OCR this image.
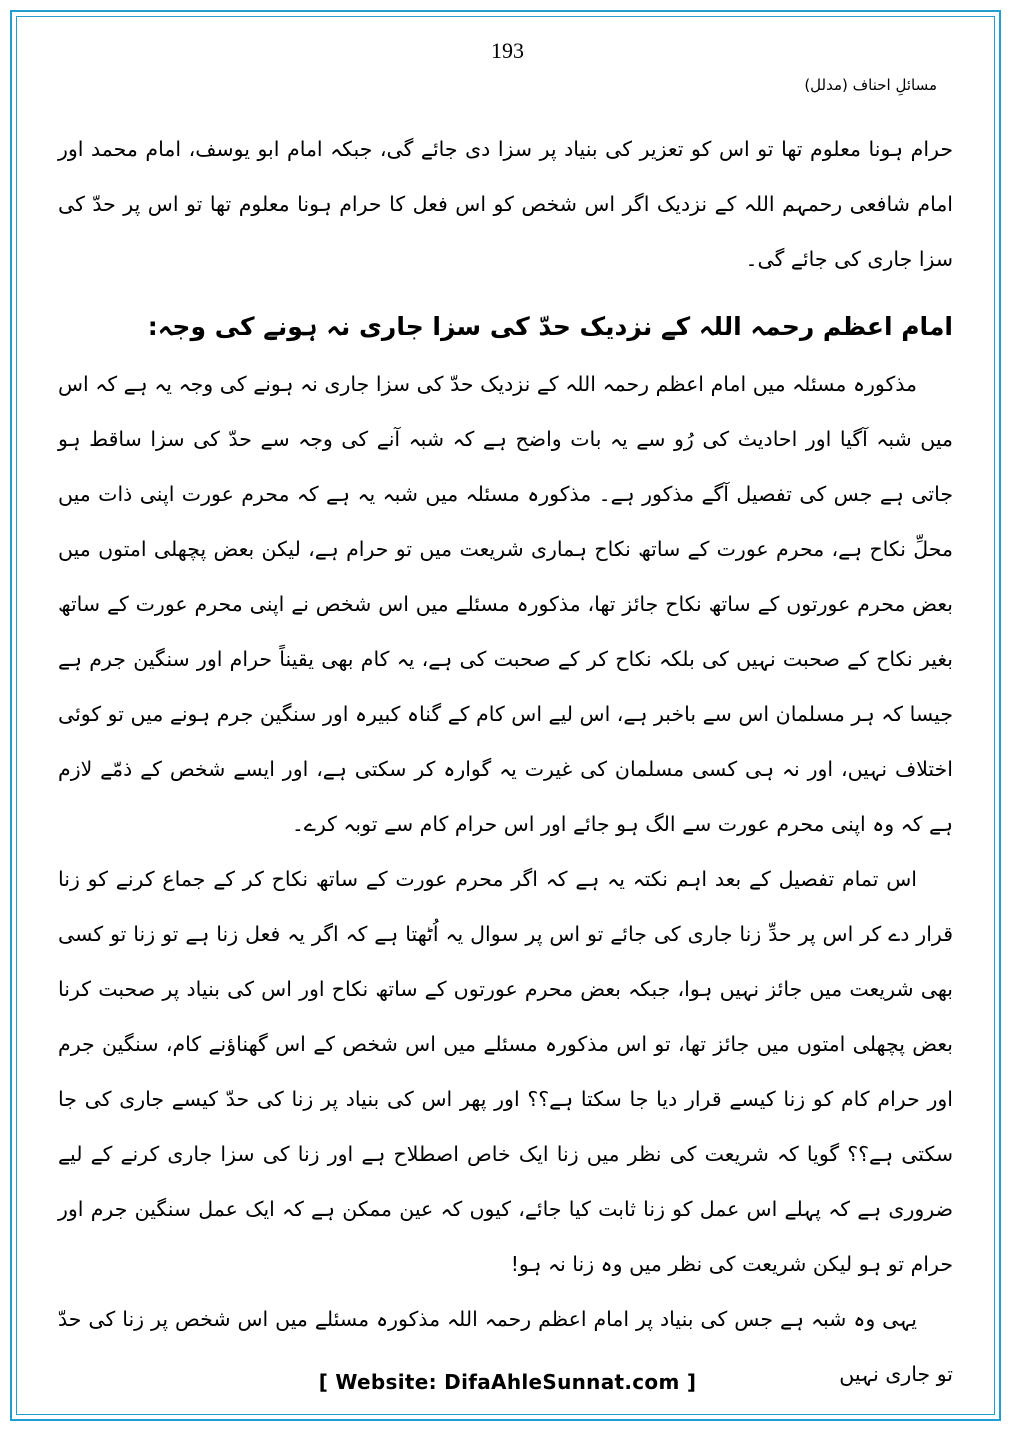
193
مسائلِ احناف (مدلل)

حرام ہونا معلوم تھا تو اس کو تعزیر کی بنیاد پر سزا دی جائے گی، جبکہ امام ابو یوسف، امام محمد اور امام شافعی رحمہم اللہ کے نزدیک اگر اس شخص کو اس فعل کا حرام ہونا معلوم تھا تو اس پر حدّ کی سزا جاری کی جائے گی۔

امام اعظم رحمہ اللہ کے نزدیک حدّ کی سزا جاری نہ ہونے کی وجہ:

مذکورہ مسئلہ میں امام اعظم رحمہ اللہ کے نزدیک حدّ کی سزا جاری نہ ہونے کی وجہ یہ ہے کہ اس میں شبہ آگیا اور احادیث کی رُو سے یہ بات واضح ہے کہ شبہ آنے کی وجہ سے حدّ کی سزا ساقط ہو جاتی ہے جس کی تفصیل آگے مذکور ہے۔ مذکورہ مسئلہ میں شبہ یہ ہے کہ محرم عورت اپنی ذات میں محلِّ نکاح ہے، محرم عورت کے ساتھ نکاح ہماری شریعت میں تو حرام ہے، لیکن بعض پچھلی امتوں میں بعض محرم عورتوں کے ساتھ نکاح جائز تھا، مذکورہ مسئلے میں اس شخص نے اپنی محرم عورت کے ساتھ بغیر نکاح کے صحبت نہیں کی بلکہ نکاح کر کے صحبت کی ہے، یہ کام بھی یقیناً حرام اور سنگین جرم ہے جیسا کہ ہر مسلمان اس سے باخبر ہے، اس لیے اس کام کے گناہ کبیرہ اور سنگین جرم ہونے میں تو کوئی اختلاف نہیں، اور نہ ہی کسی مسلمان کی غیرت یہ گوارہ کر سکتی ہے، اور ایسے شخص کے ذمّے لازم ہے کہ وہ اپنی محرم عورت سے الگ ہو جائے اور اس حرام کام سے توبہ کرے۔

اس تمام تفصیل کے بعد اہم نکتہ یہ ہے کہ اگر محرم عورت کے ساتھ نکاح کر کے جماع کرنے کو زنا قرار دے کر اس پر حدِّ زنا جاری کی جائے تو اس پر سوال یہ اُٹھتا ہے کہ اگر یہ فعل زنا ہے تو زنا تو کسی بھی شریعت میں جائز نہیں ہوا، جبکہ بعض محرم عورتوں کے ساتھ نکاح اور اس کی بنیاد پر صحبت کرنا بعض پچھلی امتوں میں جائز تھا، تو اس مذکورہ مسئلے میں اس شخص کے اس گھناؤنے کام، سنگین جرم اور حرام کام کو زنا کیسے قرار دیا جا سکتا ہے؟؟ اور پھر اس کی بنیاد پر زنا کی حدّ کیسے جاری کی جا سکتی ہے؟؟ گویا کہ شریعت کی نظر میں زنا ایک خاص اصطلاح ہے اور زنا کی سزا جاری کرنے کے لیے ضروری ہے کہ پہلے اس عمل کو زنا ثابت کیا جائے، کیوں کہ عین ممکن ہے کہ ایک عمل سنگین جرم اور حرام تو ہو لیکن شریعت کی نظر میں وہ زنا نہ ہو!

یہی وہ شبہ ہے جس کی بنیاد پر امام اعظم رحمہ اللہ مذکورہ مسئلے میں اس شخص پر زنا کی حدّ تو جاری نہیں

[ Website: DifaAhleSunnat.com ]
